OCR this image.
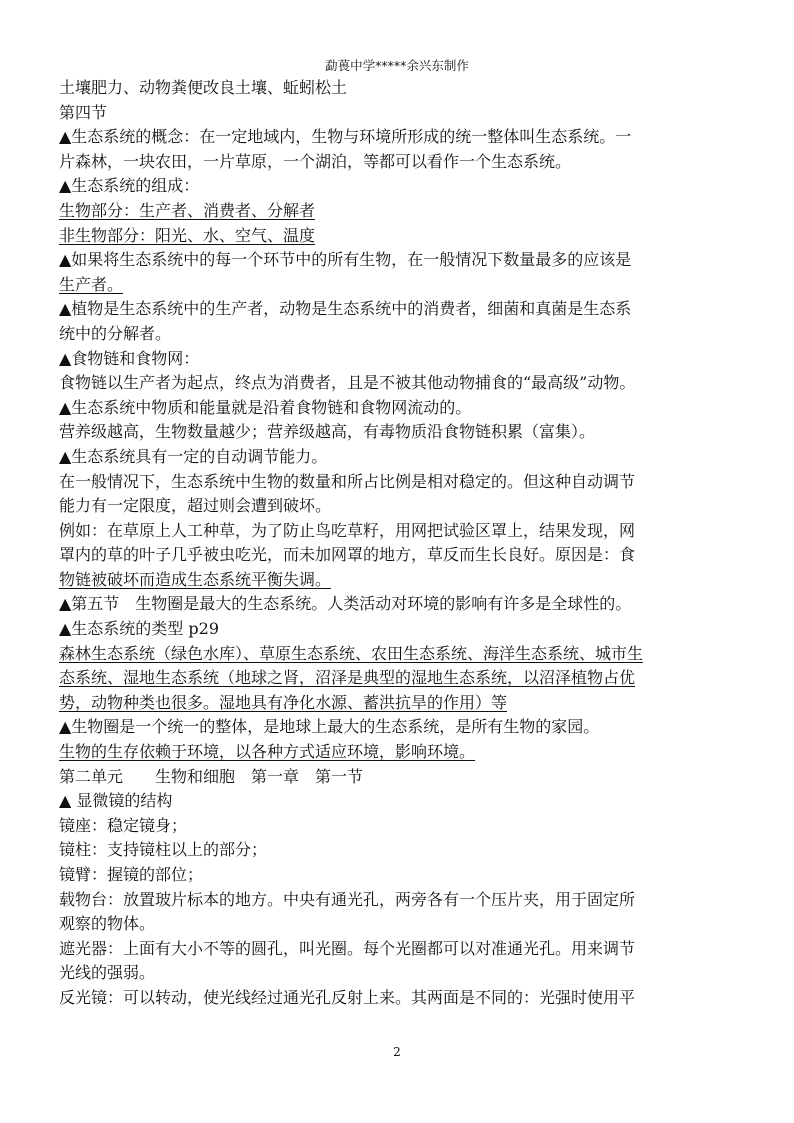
勐葨中学*****余兴东制作
土壤肥力、动物粪便改良土壤、蚯蚓松土
第四节
▲生态系统的概念：在一定地域内，生物与环境所形成的统一整体叫生态系统。一
片森林，一块农田，一片草原，一个湖泊，等都可以看作一个生态系统。
▲生态系统的组成：
生物部分：生产者、消费者、分解者
非生物部分：阳光、水、空气、温度
▲如果将生态系统中的每一个环节中的所有生物，在一般情况下数量最多的应该是
生产者。
▲植物是生态系统中的生产者，动物是生态系统中的消费者，细菌和真菌是生态系
统中的分解者。
▲食物链和食物网：
食物链以生产者为起点，终点为消费者，且是不被其他动物捕食的“最高级”动物。
▲生态系统中物质和能量就是沿着食物链和食物网流动的。
营养级越高，生物数量越少；营养级越高，有毒物质沿食物链积累（富集）。
▲生态系统具有一定的自动调节能力。
在一般情况下，生态系统中生物的数量和所占比例是相对稳定的。但这种自动调节
能力有一定限度，超过则会遭到破坏。
例如：在草原上人工种草，为了防止鸟吃草籽，用网把试验区罩上，结果发现，网
罩内的草的叶子几乎被虫吃光，而未加网罩的地方，草反而生长良好。原因是：食
物链被破坏而造成生态系统平衡失调。
▲第五节　生物圈是最大的生态系统。人类活动对环境的影响有许多是全球性的。
▲生态系统的类型 p29
森林生态系统（绿色水库）、草原生态系统、农田生态系统、海洋生态系统、城市生
态系统、湿地生态系统（地球之肾，沼泽是典型的湿地生态系统，以沼泽植物占优
势，动物种类也很多。湿地具有净化水源、蓄洪抗旱的作用）等
▲生物圈是一个统一的整体，是地球上最大的生态系统，是所有生物的家园。
生物的生存依赖于环境，以各种方式适应环境，影响环境。
第二单元　　生物和细胞　第一章　第一节
▲ 显微镜的结构
镜座：稳定镜身；
镜柱：支持镜柱以上的部分；
镜臂：握镜的部位；
载物台：放置玻片标本的地方。中央有通光孔，两旁各有一个压片夹，用于固定所
观察的物体。
遮光器：上面有大小不等的圆孔，叫光圈。每个光圈都可以对准通光孔。用来调节
光线的强弱。
反光镜：可以转动，使光线经过通光孔反射上来。其两面是不同的：光强时使用平
2
